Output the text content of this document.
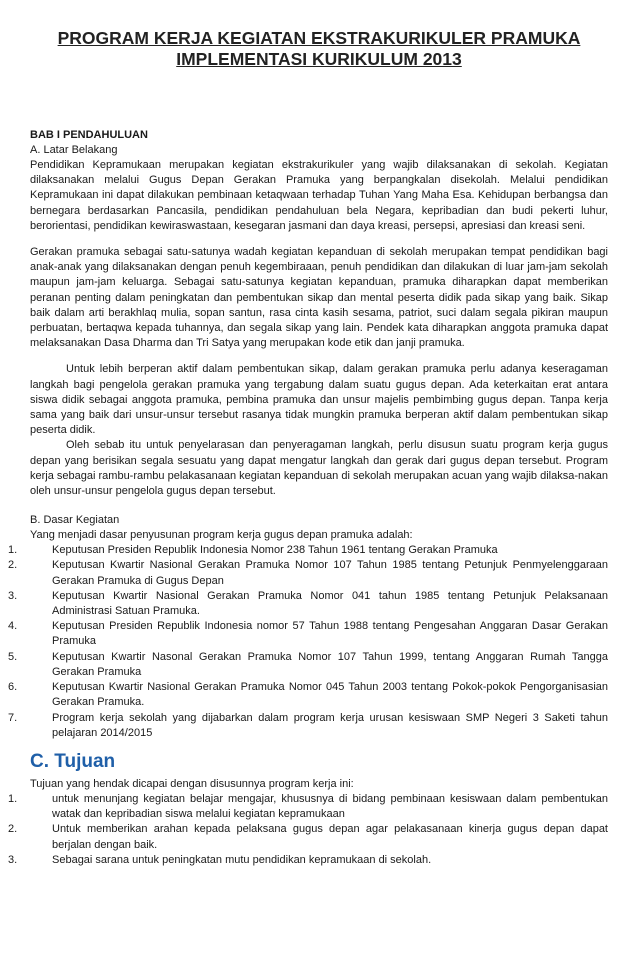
PROGRAM KERJA KEGIATAN EKSTRAKURIKULER PRAMUKA
IMPLEMENTASI KURIKULUM 2013
BAB I PENDAHULUAN
A. Latar Belakang

Pendidikan Kepramukaan merupakan kegiatan ekstrakurikuler yang wajib dilaksanakan di sekolah. Kegiatan dilaksanakan melalui Gugus Depan Gerakan Pramuka yang berpangkalan disekolah. Melalui pendidikan Kepramukaan ini dapat dilakukan pembinaan ketaqwaan terhadap Tuhan Yang Maha Esa. Kehidupan berbangsa dan bernegara berdasarkan Pancasila, pendidikan pendahuluan bela Negara, kepribadian dan budi pekerti luhur, berorientasi, pendidikan kewiraswastaan, kesegaran jasmani dan daya kreasi, persepsi, apresiasi dan kreasi seni.

Gerakan pramuka sebagai satu-satunya wadah kegiatan kepanduan di sekolah merupakan tempat pendidikan bagi anak-anak yang dilaksanakan dengan penuh kegembiraaan, penuh pendidikan dan dilakukan di luar jam-jam sekolah maupun jam-jam keluarga. Sebagai satu-satunya kegiatan kepanduan, pramuka diharapkan dapat memberikan peranan penting dalam peningkatan dan pembentukan sikap dan mental peserta didik pada sikap yang baik. Sikap baik dalam arti berakhlaq mulia, sopan santun, rasa cinta kasih sesama, patriot, suci dalam segala pikiran maupun perbuatan, bertaqwa kepada tuhannya, dan segala sikap yang lain. Pendek kata diharapkan anggota pramuka dapat melaksanakan Dasa Dharma dan Tri Satya yang merupakan kode etik dan janji pramuka.

Untuk lebih berperan aktif dalam pembentukan sikap, dalam gerakan pramuka perlu adanya keseragaman langkah bagi pengelola gerakan pramuka yang tergabung dalam suatu gugus depan. Ada keterkaitan erat antara siswa didik sebagai anggota pramuka, pembina pramuka dan unsur majelis pembimbing gugus depan. Tanpa kerja sama yang baik dari unsur-unsur tersebut rasanya tidak mungkin pramuka berperan aktif dalam pembentukan sikap peserta didik.

Oleh sebab itu untuk penyelarasan dan penyeragaman langkah, perlu disusun suatu program kerja gugus depan yang berisikan segala sesuatu yang dapat mengatur langkah dan gerak dari gugus depan tersebut. Program kerja sebagai rambu-rambu pelakasanaan kegiatan kepanduan di sekolah merupakan acuan yang wajib dilaksa-nakan oleh unsur-unsur pengelola gugus depan tersebut.

B. Dasar Kegiatan
Yang menjadi dasar penyusunan program kerja gugus depan pramuka adalah:
1.	Keputusan Presiden Republik Indonesia Nomor 238 Tahun 1961 tentang Gerakan Pramuka
2.	Keputusan Kwartir Nasional Gerakan Pramuka Nomor 107 Tahun 1985 tentang Petunjuk Penmyelenggaraan Gerakan Pramuka di Gugus Depan
3.	Keputusan Kwartir Nasional Gerakan Pramuka Nomor 041 tahun 1985 tentang Petunjuk Pelaksanaan Administrasi Satuan Pramuka.
4.	Keputusan Presiden Republik Indonesia nomor 57 Tahun 1988 tentang Pengesahan Anggaran Dasar Gerakan Pramuka
5.	Keputusan Kwartir Nasonal Gerakan Pramuka Nomor 107 Tahun 1999, tentang Anggaran Rumah Tangga Gerakan Pramuka
6.	Keputusan Kwartir Nasional Gerakan Pramuka Nomor 045 Tahun 2003 tentang Pokok-pokok Pengorganisasian Gerakan Pramuka.
7.	Program kerja sekolah yang dijabarkan dalam program kerja urusan kesiswaan SMP Negeri 3 Saketi tahun pelajaran 2014/2015
C. Tujuan
Tujuan yang hendak dicapai dengan disusunnya program kerja ini:
1.	untuk menunjang kegiatan belajar mengajar, khususnya di bidang pembinaan kesiswaan dalam pembentukan watak dan kepribadian siswa melalui kegiatan kepramukaan
2.	Untuk memberikan arahan kepada pelaksana gugus depan agar pelakasanaan kinerja gugus depan dapat berjalan dengan baik.
3.	Sebagai sarana untuk peningkatan mutu pendidikan kepramukaan di sekolah.
